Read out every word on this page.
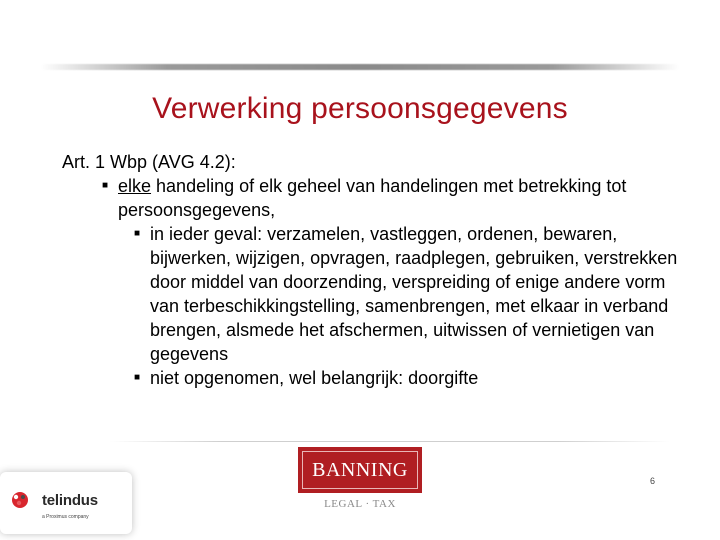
Verwerking persoonsgegevens

Art. 1 Wbp (AVG 4.2):

■ elke handeling of elk geheel van handelingen met betrekking tot persoonsgegevens,
■ in ieder geval: verzamelen, vastleggen, ordenen, bewaren, bijwerken, wijzigen, opvragen, raadplegen, gebruiken, verstrekken door middel van doorzending, verspreiding of enige andere vorm van terbeschikkingstelling, samenbrengen, met elkaar in verband brengen, alsmede het afschermen, uitwissen of vernietigen van gegevens
■ niet opgenomen, wel belangrijk: doorgifte
BANNING
LEGAL · TAX
6
telindus
a Proximus company
